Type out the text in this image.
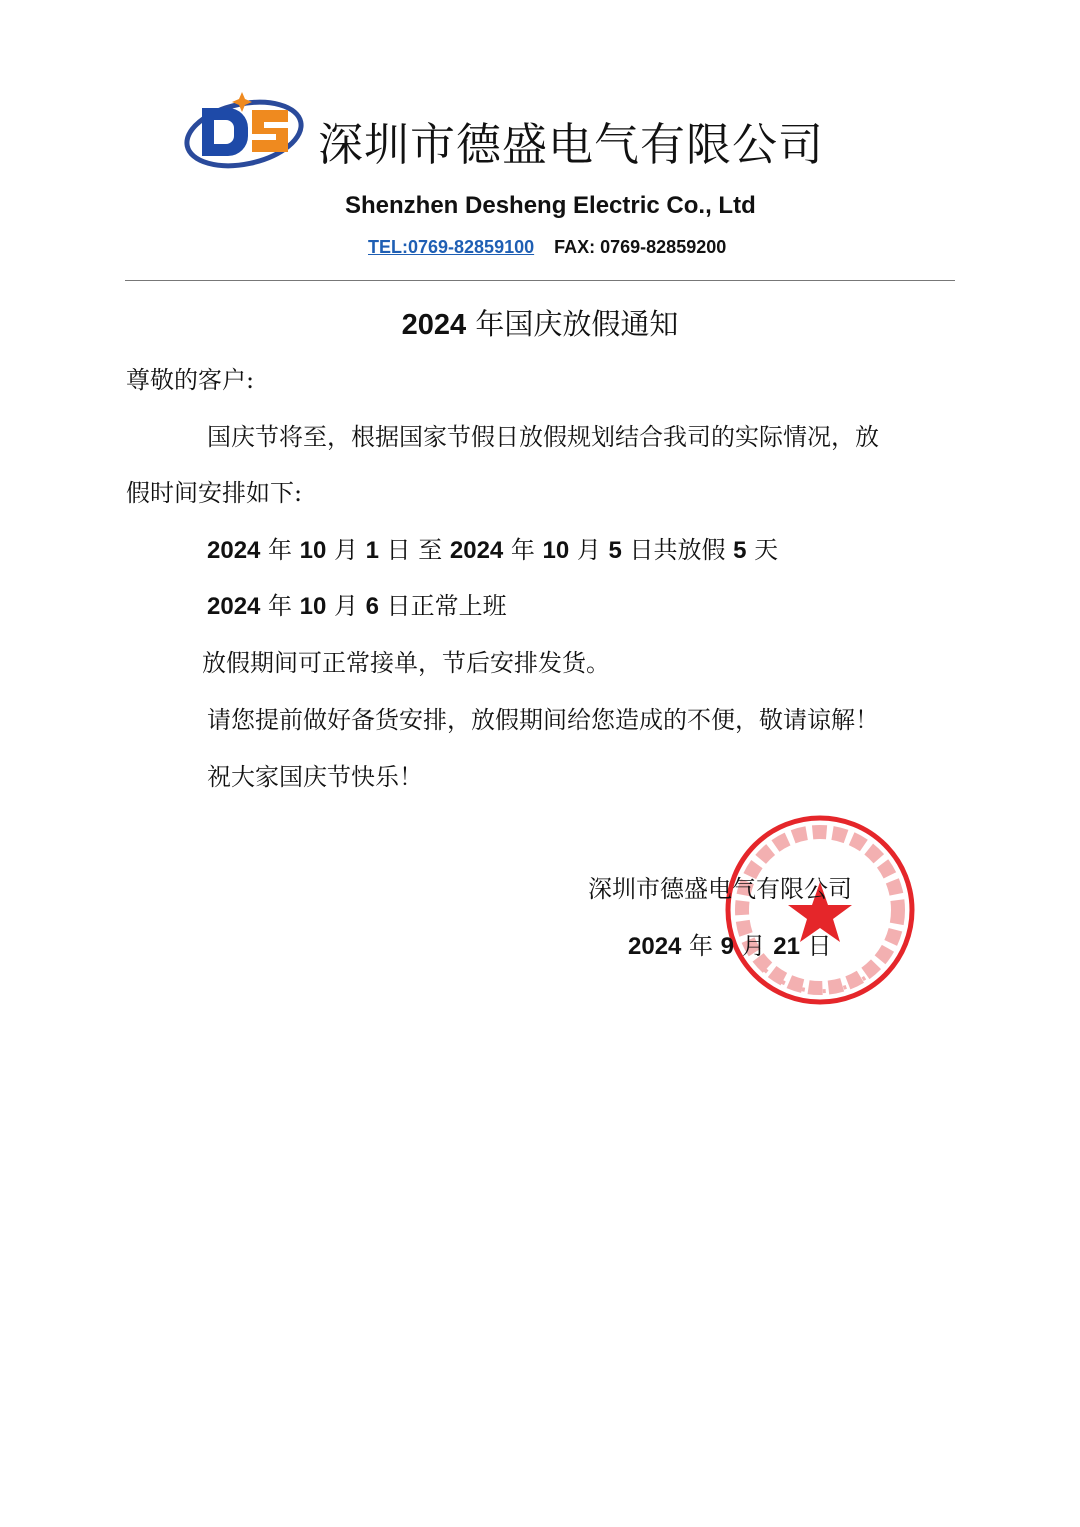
深圳市德盛电气有限公司
Shenzhen Desheng Electric Co., Ltd
TEL:0769-82859100 FAX: 0769-82859200
2024 年国庆放假通知
尊敬的客户:
国庆节将至，根据国家节假日放假规划结合我司的实际情况，放
假时间安排如下:
2024 年 10 月 1 日 至 2024 年 10 月 5 日共放假 5 天
2024 年 10 月 6 日正常上班
放假期间可正常接单，节后安排发货。
请您提前做好备货安排，放假期间给您造成的不便，敬请谅解！
祝大家国庆节快乐！
深圳市德盛电气有限公司
2024 年 9 月 21 日
